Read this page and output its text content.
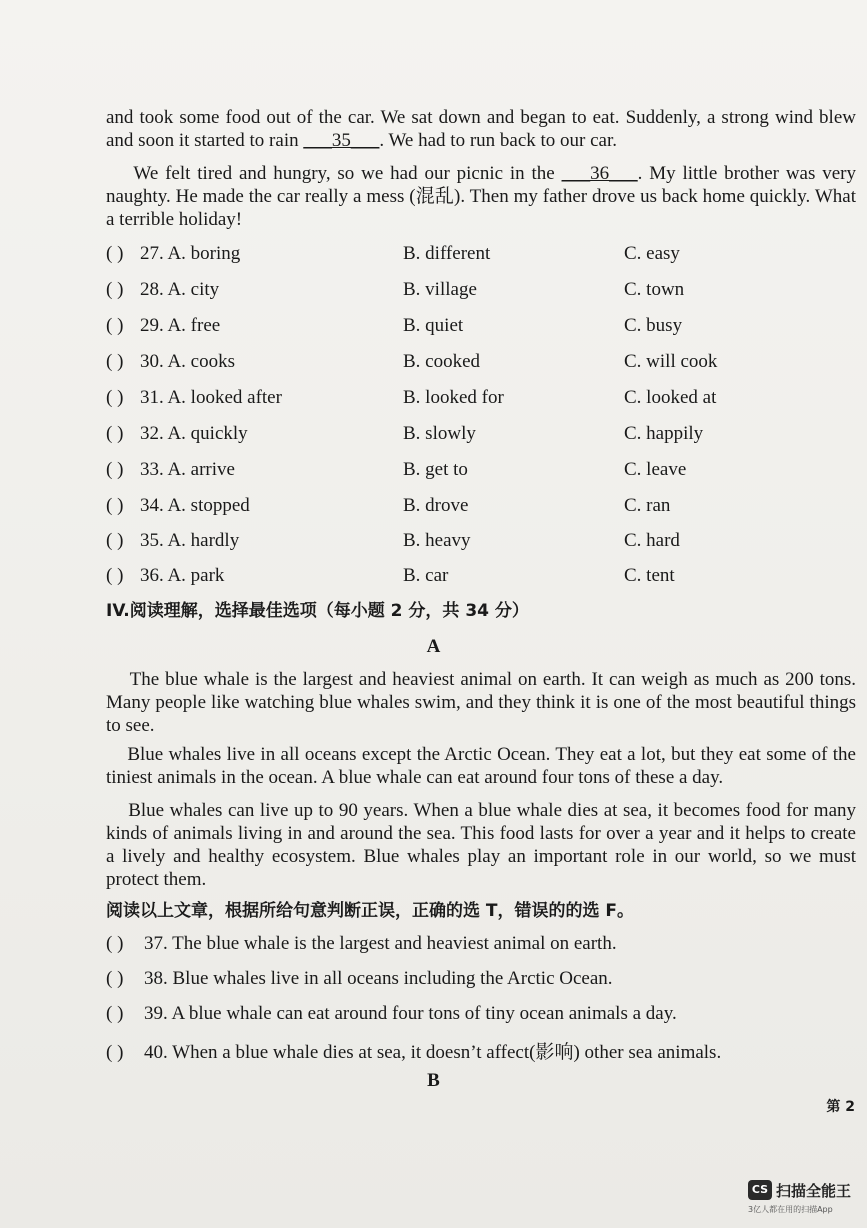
and took some food out of the car. We sat down and began to eat. Suddenly, a strong wind blew and soon it started to rain ___35___. We had to run back to our car.
We felt tired and hungry, so we had our picnic in the ___36___. My little brother was very naughty. He made the car really a mess (混乱). Then my father drove us back home quickly. What a terrible holiday!
( ) 27. A. boring	B. different	C. easy
( ) 28. A. city	B. village	C. town
( ) 29. A. free	B. quiet	C. busy
( ) 30. A. cooks	B. cooked	C. will cook
( ) 31. A. looked after	B. looked for	C. looked at
( ) 32. A. quickly	B. slowly	C. happily
( ) 33. A. arrive	B. get to	C. leave
( ) 34. A. stopped	B. drove	C. ran
( ) 35. A. hardly	B. heavy	C. hard
( ) 36. A. park	B. car	C. tent
IV.阅读理解，选择最佳选项（每小题 2 分，共 34 分）
A
The blue whale is the largest and heaviest animal on earth. It can weigh as much as 200 tons. Many people like watching blue whales swim, and they think it is one of the most beautiful things to see.
Blue whales live in all oceans except the Arctic Ocean. They eat a lot, but they eat some of the tiniest animals in the ocean. A blue whale can eat around four tons of these a day.
Blue whales can live up to 90 years. When a blue whale dies at sea, it becomes food for many kinds of animals living in and around the sea. This food lasts for over a year and it helps to create a lively and healthy ecosystem. Blue whales play an important role in our world, so we must protect them.
阅读以上文章，根据所给句意判断正误，正确的选 T，错误的的选 F。
( ) 37. The blue whale is the largest and heaviest animal on earth.
( ) 38. Blue whales live in all oceans including the Arctic Ocean.
( ) 39. A blue whale can eat around four tons of tiny ocean animals a day.
( ) 40. When a blue whale dies at sea, it doesn’t affect(影响) other sea animals.
B
第 2
CS 扫描全能王
3亿人都在用的扫描App
